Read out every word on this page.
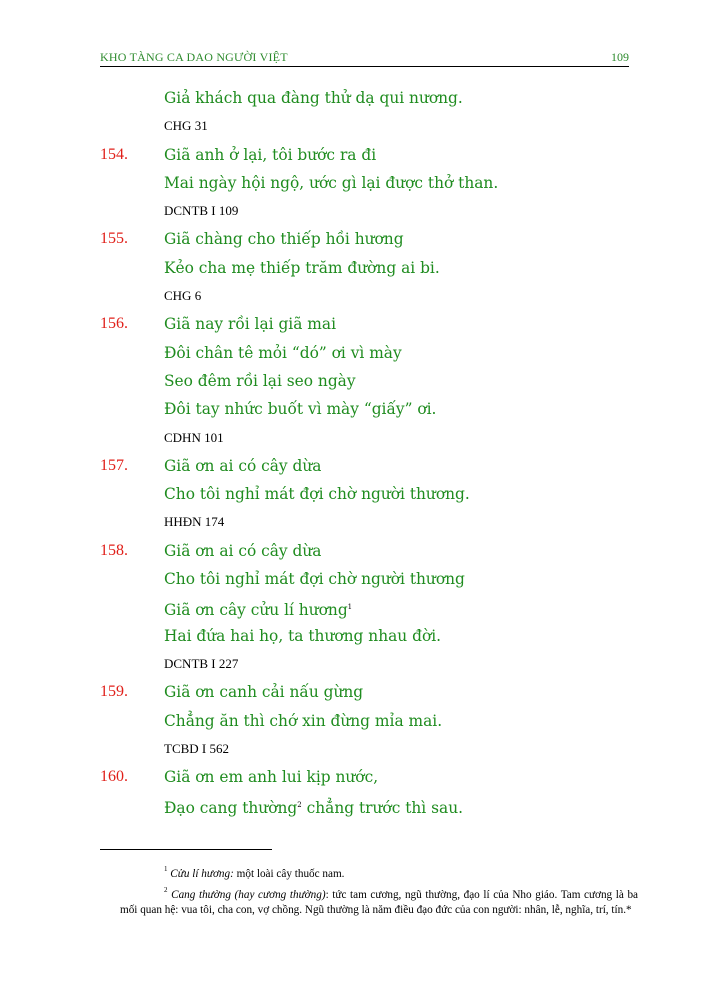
KHO TÀNG CA DAO NGƯỜI VIỆT	109
Giả khách qua đàng thử dạ qui nương.
CHG 31
154. Giã anh ở lại, tôi bước ra đi
Mai ngày hội ngộ, ước gì lại được thở than.
DCNTB I 109
155. Giã chàng cho thiếp hồi hương
Kẻo cha mẹ thiếp trăm đường ai bi.
CHG 6
156. Giã nay rồi lại giã mai
Đôi chân tê mỏi “dó” ơi vì mày
Seo đêm rồi lại seo ngày
Đôi tay nhức buốt vì mày “giấy” ơi.
CDHN 101
157. Giã ơn ai có cây dừa
Cho tôi nghỉ mát đợi chờ người thương.
HHĐN 174
158. Giã ơn ai có cây dừa
Cho tôi nghỉ mát đợi chờ người thương
Giã ơn cây cửu lí hương$^1$
Hai đứa hai họ, ta thương nhau đời.
DCNTB I 227
159. Giã ơn canh cải nấu gừng
Chẳng ăn thì chớ xin đừng mỉa mai.
TCBD I 562
160. Giã ơn em anh lui kịp nước,
Đạo cang thường$^2$ chẳng trước thì sau.
$^1$ Cửu lí hương: một loài cây thuốc nam.
$^2$ Cang thường (hay cương thường): tức tam cương, ngũ thường, đạo lí của Nho giáo. Tam cương là ba mối quan hệ: vua tôi, cha con, vợ chồng. Ngũ thường là năm điều đạo đức của con người: nhân, lễ, nghĩa, trí, tín.*
